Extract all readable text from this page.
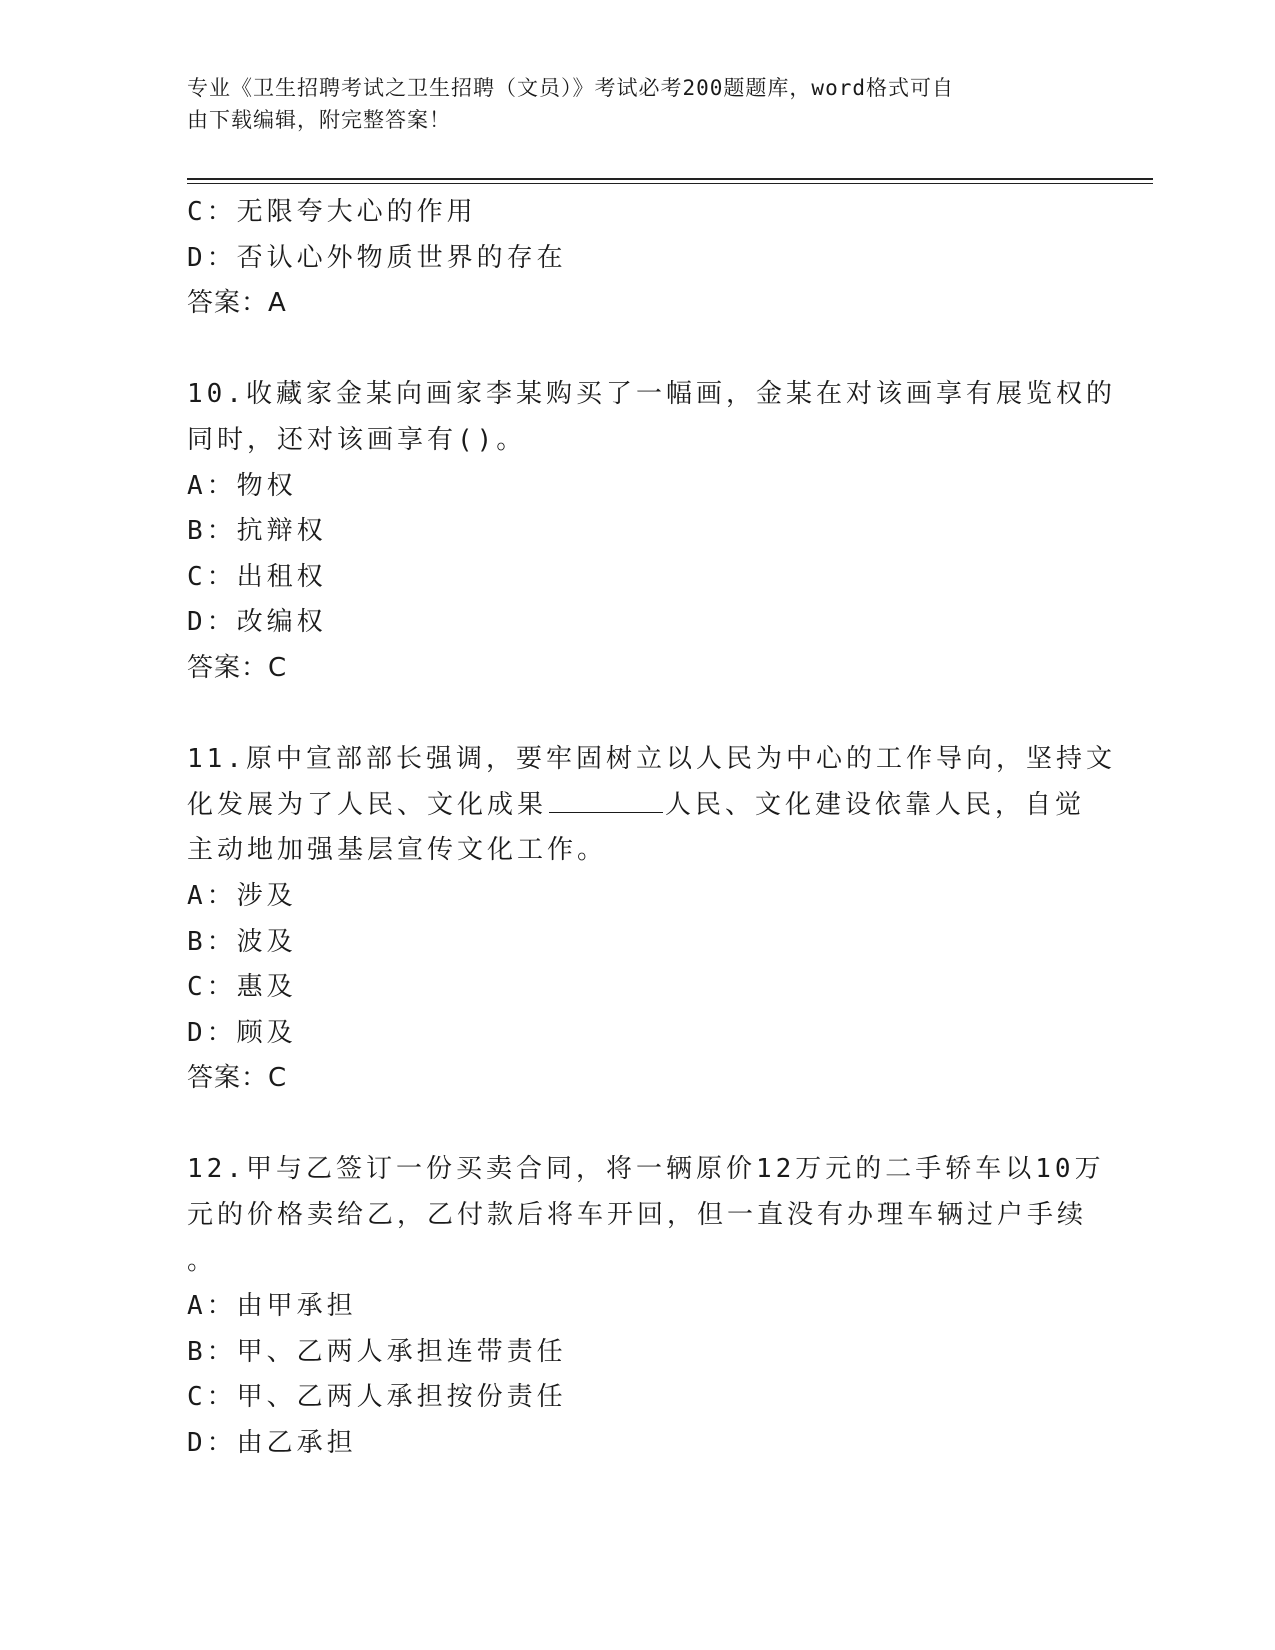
专业《卫生招聘考试之卫生招聘（文员）》考试必考200题题库，word格式可自
由下载编辑，附完整答案！
C：无限夸大心的作用
D：否认心外物质世界的存在
答案：A
10.收藏家金某向画家李某购买了一幅画，金某在对该画享有展览权的
同时，还对该画享有()。
A：物权
B：抗辩权
C：出租权
D：改编权
答案：C
11.原中宣部部长强调，要牢固树立以人民为中心的工作导向，坚持文
化发展为了人民、文化成果	人民、文化建设依靠人民，自觉
主动地加强基层宣传文化工作。
A：涉及
B：波及
C：惠及
D：顾及
答案：C
12.甲与乙签订一份买卖合同，将一辆原价12万元的二手轿车以10万
元的价格卖给乙，乙付款后将车开回，但一直没有办理车辆过户手续
。
A：由甲承担
B：甲、乙两人承担连带责任
C：甲、乙两人承担按份责任
D：由乙承担
